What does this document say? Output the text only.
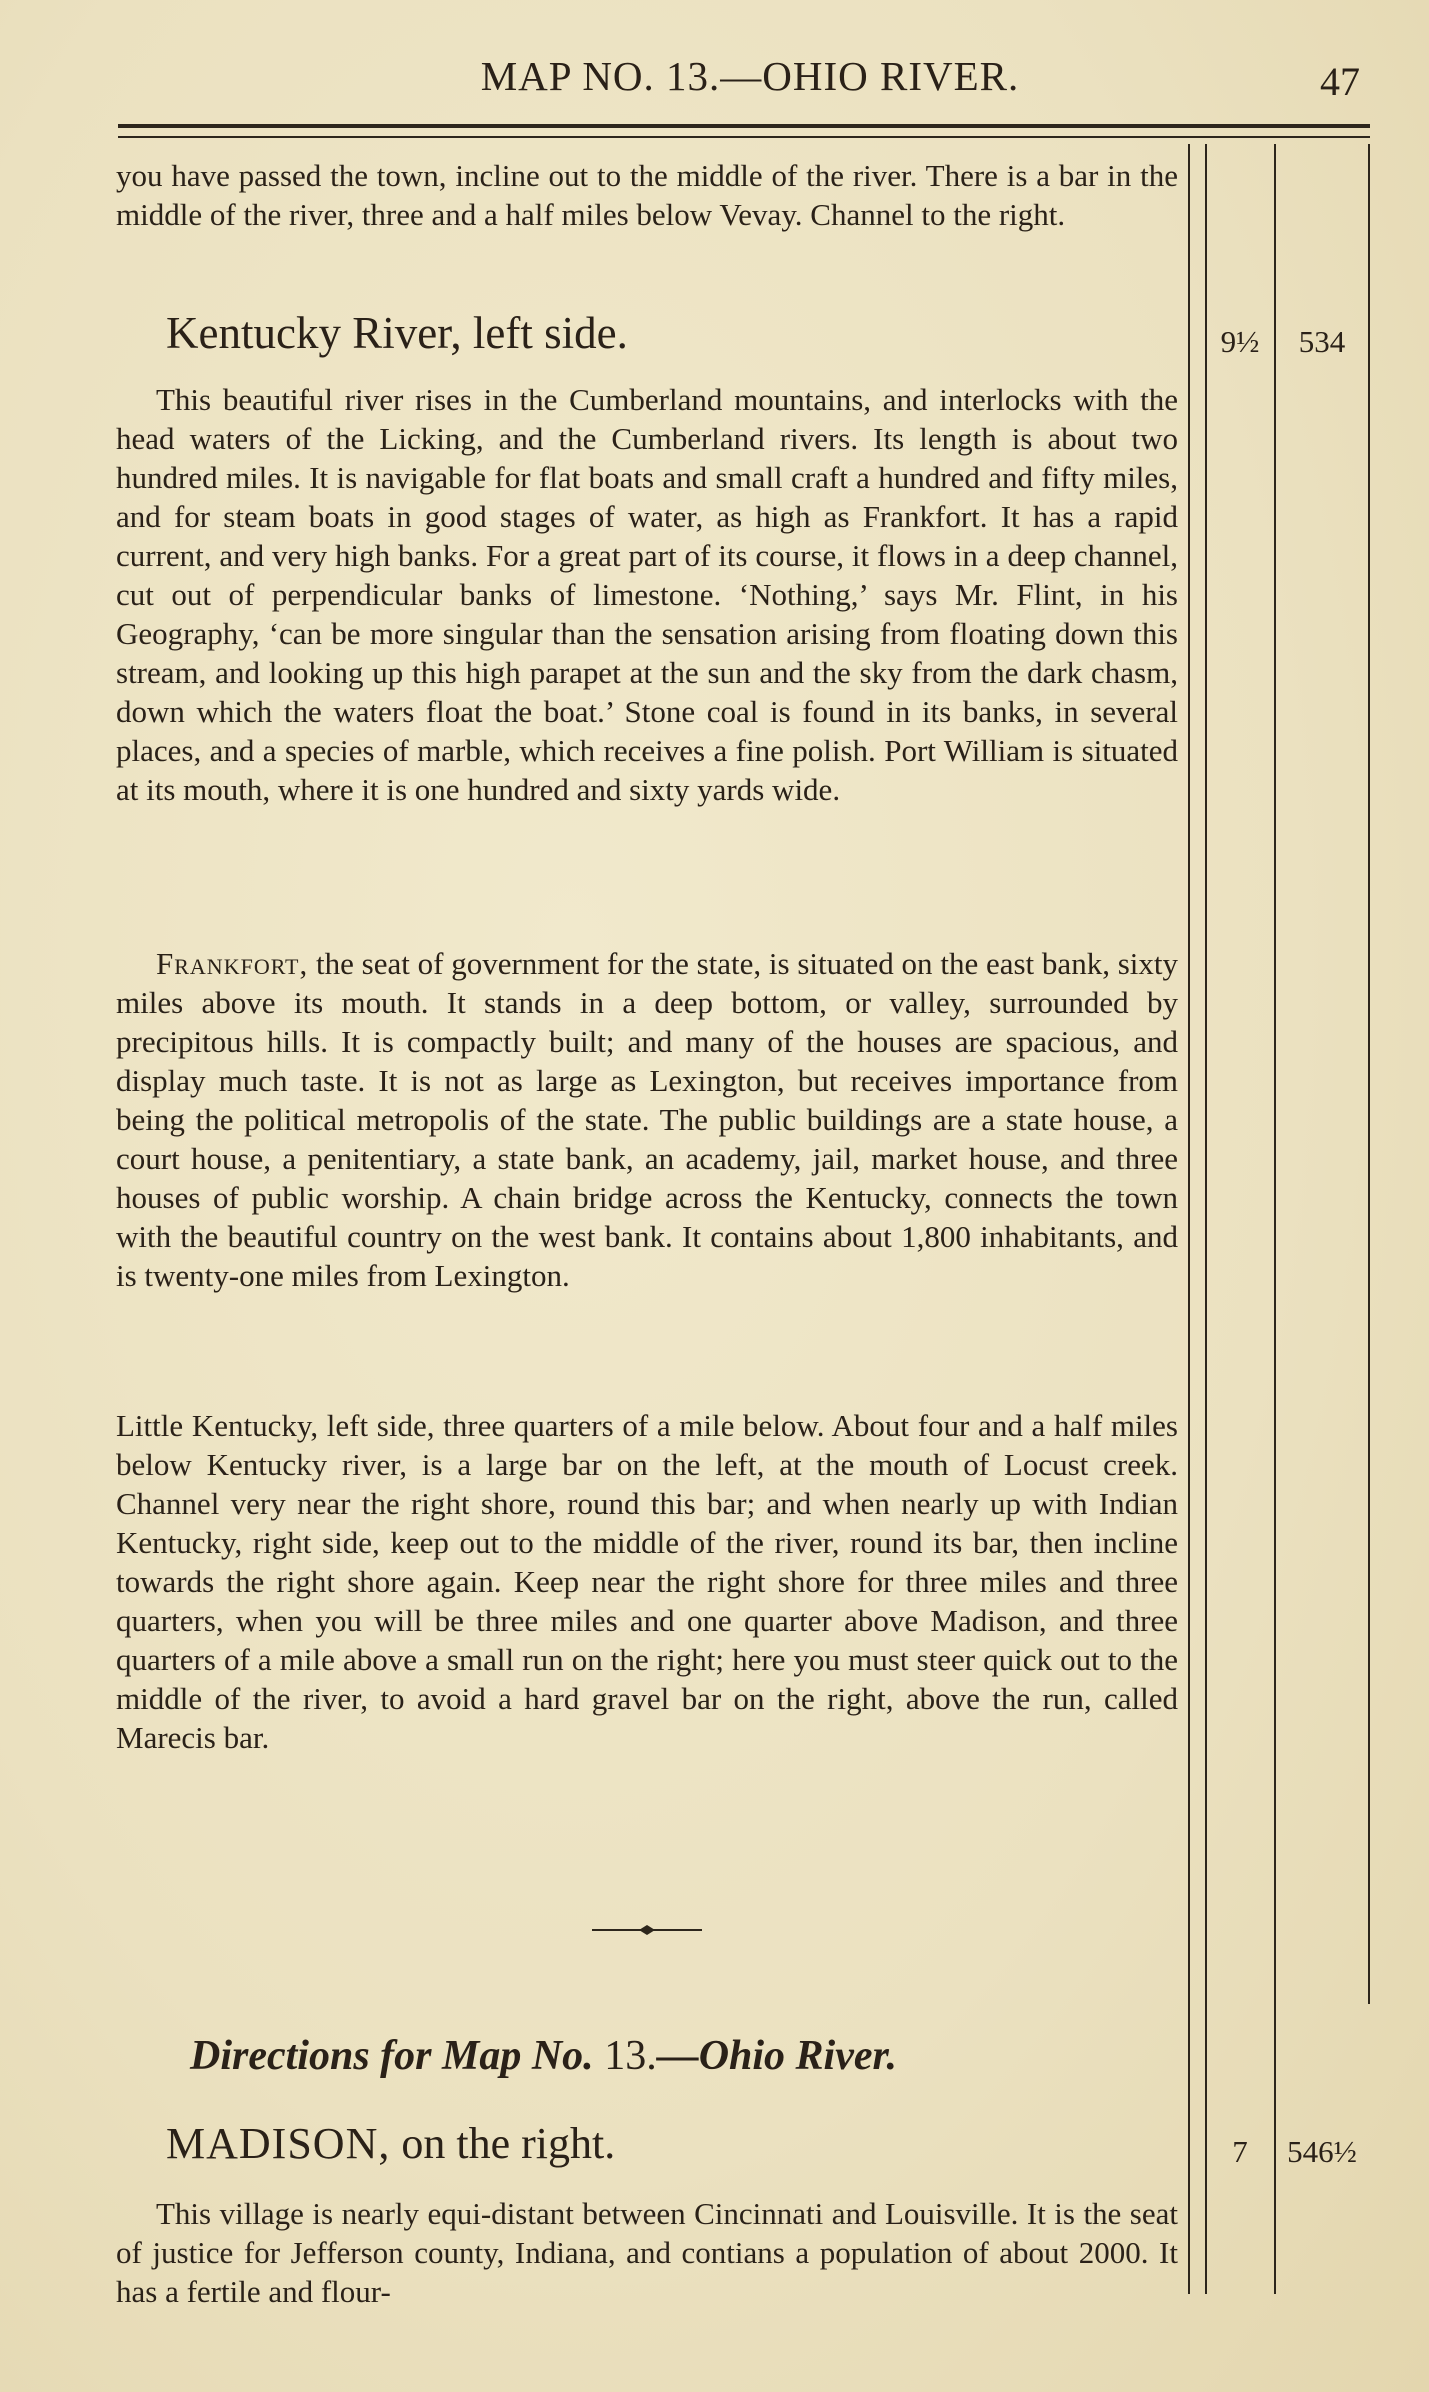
MAP NO. 13.—OHIO RIVER.	47

you have passed the town, incline out to the middle of the river. There is a bar in the middle of the river, three and a half miles below Vevay. Channel to the right.

Kentucky River, left side.	9½	534

This beautiful river rises in the Cumberland mountains, and interlocks with the head waters of the Licking, and the Cumberland rivers. Its length is about two hundred miles. It is navigable for flat boats and small craft a hundred and fifty miles, and for steam boats in good stages of water, as high as Frankfort. It has a rapid current, and very high banks. For a great part of its course, it flows in a deep channel, cut out of perpendicular banks of limestone. ‘Nothing,’ says Mr. Flint, in his Geography, ‘can be more singular than the sensation arising from floating down this stream, and looking up this high parapet at the sun and the sky from the dark chasm, down which the waters float the boat.’ Stone coal is found in its banks, in several places, and a species of marble, which receives a fine polish. Port William is situated at its mouth, where it is one hundred and sixty yards wide.

Frankfort, the seat of government for the state, is situated on the east bank, sixty miles above its mouth. It stands in a deep bottom, or valley, surrounded by precipitous hills. It is compactly built; and many of the houses are spacious, and display much taste. It is not as large as Lexington, but receives importance from being the political metropolis of the state. The public buildings are a state house, a court house, a penitentiary, a state bank, an academy, jail, market house, and three houses of public worship. A chain bridge across the Kentucky, connects the town with the beautiful country on the west bank. It contains about 1,800 inhabitants, and is twenty-one miles from Lexington.

Little Kentucky, left side, three quarters of a mile below. About four and a half miles below Kentucky river, is a large bar on the left, at the mouth of Locust creek. Channel very near the right shore, round this bar; and when nearly up with Indian Kentucky, right side, keep out to the middle of the river, round its bar, then incline towards the right shore again. Keep near the right shore for three miles and three quarters, when you will be three miles and one quarter above Madison, and three quarters of a mile above a small run on the right; here you must steer quick out to the middle of the river, to avoid a hard gravel bar on the right, above the run, called Marecis bar.

Directions for Map No. 13.—Ohio River.
MADISON, on the right.	7	546½

This village is nearly equi-distant between Cincinnati and Louisville. It is the seat of justice for Jefferson county, Indiana, and contians a population of about 2000. It has a fertile and flour-
